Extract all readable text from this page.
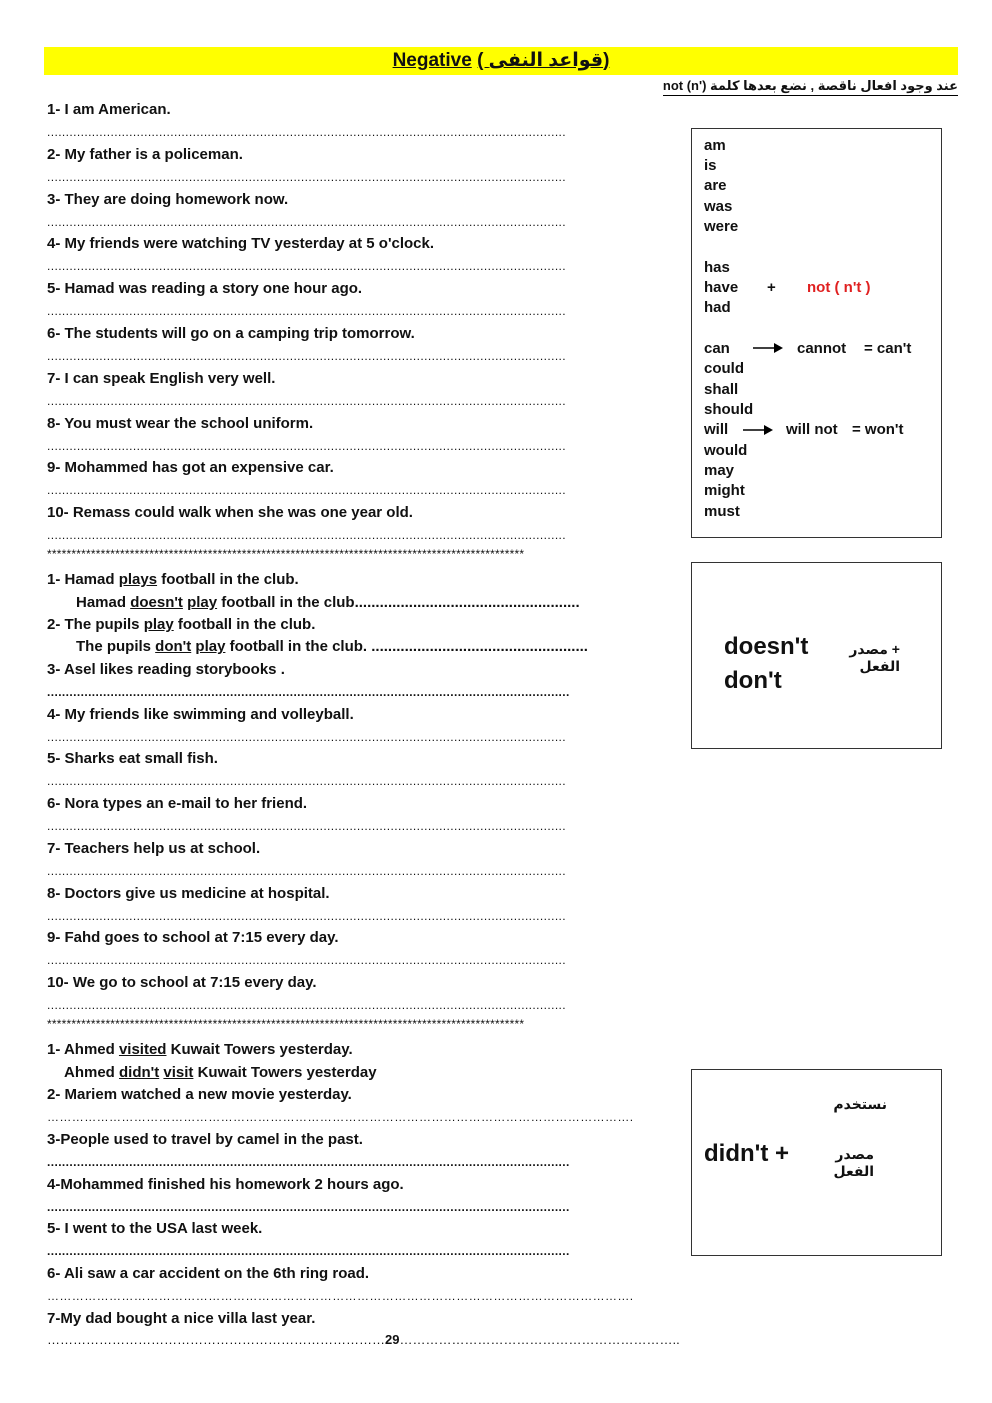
Negative ( قواعد النفى)
عند وجود افعال ناقصة , نضع بعدها كلمة not (n')
1- I am American.
...........................................................................................................................................
2- My father is a policeman.
...........................................................................................................................................
3- They are doing homework now.
...........................................................................................................................................
4- My friends were watching TV yesterday at 5 o'clock.
...........................................................................................................................................
5- Hamad was reading a story one hour ago.
...........................................................................................................................................
6- The students will go on a camping trip tomorrow.
...........................................................................................................................................
7- I can speak English very well.
...........................................................................................................................................
8- You must wear the school uniform.
...........................................................................................................................................
9- Mohammed has got an expensive car.
...........................................................................................................................................
10- Remass could walk when she was one year old.
...........................................................................................................................................
am
is
are
was
were
has
have + not ( n't )
had
can	cannot = can't
could
shall
should
will	will not = won't
would
may
might
must
**************************************************************************************************
1- Hamad plays football in the club.
Hamad doesn't play football in the club......................................................
2- The pupils play football in the club.
The pupils don't play football in the club. ....................................................
3- Asel likes reading storybooks .
............................................................................................................................................
4- My friends like swimming and volleyball.
...........................................................................................................................................
5- Sharks eat small fish.
...........................................................................................................................................
6- Nora types an e-mail to her friend.
...........................................................................................................................................
7- Teachers help us at school.
...........................................................................................................................................
8- Doctors give us medicine at hospital.
...........................................................................................................................................
9- Fahd goes to school at 7:15 every day.
...........................................................................................................................................
10- We go to school at 7:15 every day.
...........................................................................................................................................
doesn't	+ مصدر الفعل
don't
**************************************************************************************************
1- Ahmed visited Kuwait Towers yesterday.
Ahmed didn't visit Kuwait Towers yesterday
2- Mariem watched a new movie yesterday.
…………………………………………………………………………………………………………………………….
3-People used to travel by camel in the past.
............................................................................................................................................
4-Mohammed finished his homework 2 hours ago.
............................................................................................................................................
5- I went to the USA last week.
............................................................................................................................................
6- Ali saw a car accident on the 6th ring road.
…………………………………………………………………………………………………………………………….
7-My dad bought a nice villa last year.
……………………………………………………………………29………………………………………………………..
نستخدم
didn't +	مصدر الفعل
